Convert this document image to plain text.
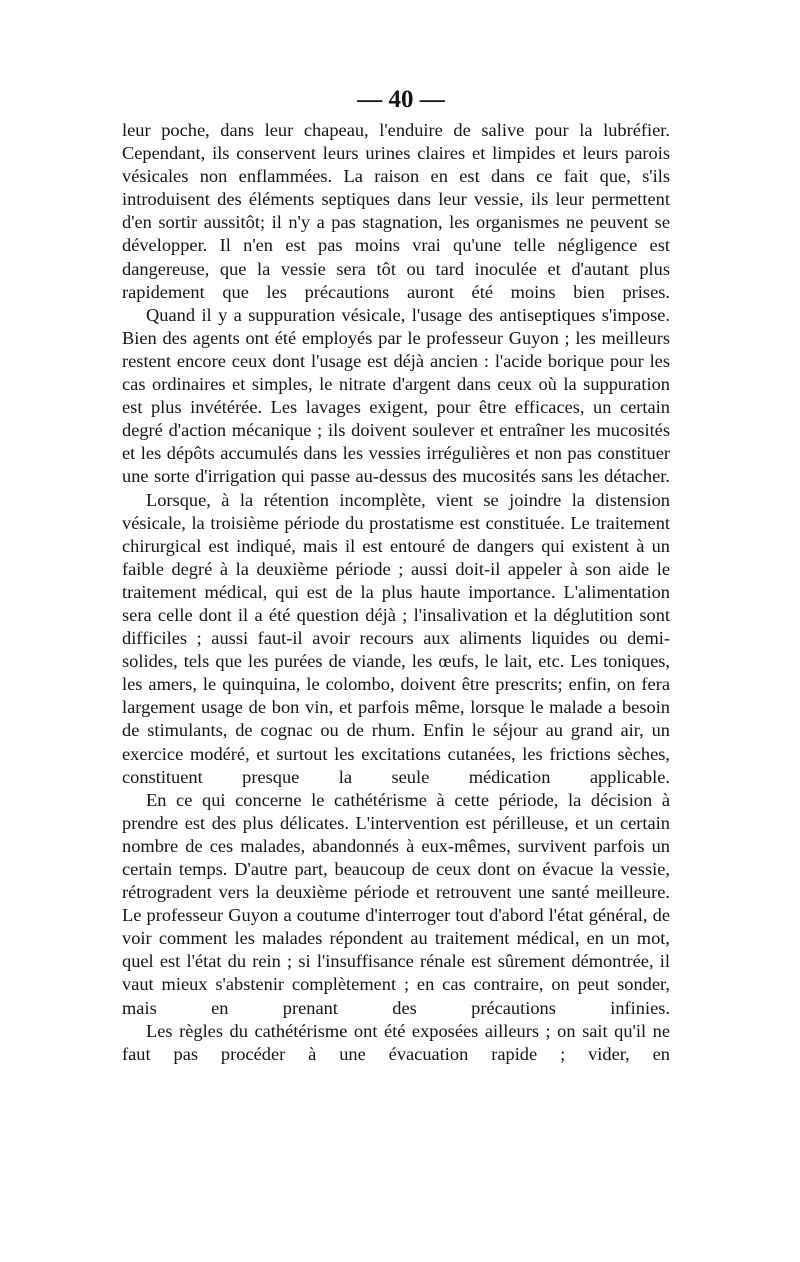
— 40 —

leur poche, dans leur chapeau, l'enduire de salive pour la lubréfier. Cependant, ils conservent leurs urines claires et limpides et leurs parois vésicales non enflammées. La raison en est dans ce fait que, s'ils introduisent des éléments septiques dans leur vessie, ils leur permettent d'en sortir aussitôt; il n'y a pas stagnation, les organismes ne peuvent se développer. Il n'en est pas moins vrai qu'une telle négligence est dangereuse, que la vessie sera tôt ou tard inoculée et d'autant plus rapidement que les précautions auront été moins bien prises.

Quand il y a suppuration vésicale, l'usage des antiseptiques s'impose. Bien des agents ont été employés par le professeur Guyon ; les meilleurs restent encore ceux dont l'usage est déjà ancien : l'acide borique pour les cas ordinaires et simples, le nitrate d'argent dans ceux où la suppuration est plus invétérée. Les lavages exigent, pour être efficaces, un certain degré d'action mécanique ; ils doivent soulever et entraîner les mucosités et les dépôts accumulés dans les vessies irrégulières et non pas constituer une sorte d'irrigation qui passe au-dessus des mucosités sans les détacher.

Lorsque, à la rétention incomplète, vient se joindre la distension vésicale, la troisième période du prostatisme est constituée. Le traitement chirurgical est indiqué, mais il est entouré de dangers qui existent à un faible degré à la deuxième période ; aussi doit-il appeler à son aide le traitement médical, qui est de la plus haute importance. L'alimentation sera celle dont il a été question déjà ; l'insalivation et la déglutition sont difficiles ; aussi faut-il avoir recours aux aliments liquides ou demi-solides, tels que les purées de viande, les œufs, le lait, etc. Les toniques, les amers, le quinquina, le colombo, doivent être prescrits; enfin, on fera largement usage de bon vin, et parfois même, lorsque le malade a besoin de stimulants, de cognac ou de rhum. Enfin le séjour au grand air, un exercice modéré, et surtout les excitations cutanées, les frictions sèches, constituent presque la seule médication applicable.

En ce qui concerne le cathétérisme à cette période, la décision à prendre est des plus délicates. L'intervention est périlleuse, et un certain nombre de ces malades, abandonnés à eux-mêmes, survivent parfois un certain temps. D'autre part, beaucoup de ceux dont on évacue la vessie, rétrogradent vers la deuxième période et retrouvent une santé meilleure. Le professeur Guyon a coutume d'interroger tout d'abord l'état général, de voir comment les malades répondent au traitement médical, en un mot, quel est l'état du rein ; si l'insuffisance rénale est sûrement démontrée, il vaut mieux s'abstenir complètement ; en cas contraire, on peut sonder, mais en prenant des précautions infinies.

Les règles du cathétérisme ont été exposées ailleurs ; on sait qu'il ne faut pas procéder à une évacuation rapide ; vider, en
